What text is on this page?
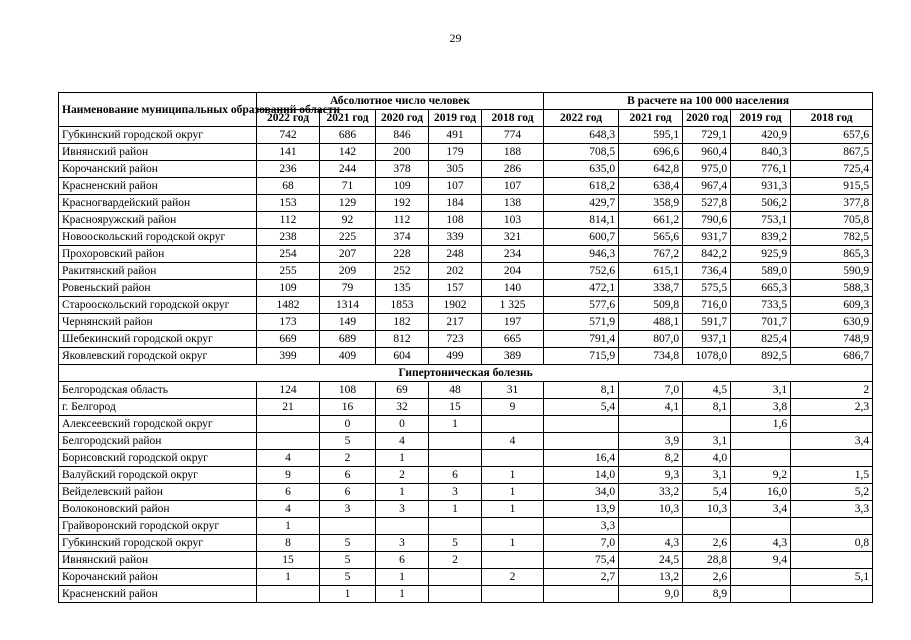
29
Наименование муниципальных образований области	Абсолютное число человек					В расчете на 100 000 населения				
	2022 год	2021 год	2020 год	2019 год	2018 год	2022 год	2021 год	2020 год	2019 год	2018 год
Губкинский городской округ	742	686	846	491	774	648,3	595,1	729,1	420,9	657,6
Ивнянский район	141	142	200	179	188	708,5	696,6	960,4	840,3	867,5
Корочанский район	236	244	378	305	286	635,0	642,8	975,0	776,1	725,4
Красненский район	68	71	109	107	107	618,2	638,4	967,4	931,3	915,5
Красногвардейский район	153	129	192	184	138	429,7	358,9	527,8	506,2	377,8
Краснояружский район	112	92	112	108	103	814,1	661,2	790,6	753,1	705,8
Новооскольский городской округ	238	225	374	339	321	600,7	565,6	931,7	839,2	782,5
Прохоровский район	254	207	228	248	234	946,3	767,2	842,2	925,9	865,3
Ракитянский район	255	209	252	202	204	752,6	615,1	736,4	589,0	590,9
Ровеньский район	109	79	135	157	140	472,1	338,7	575,5	665,3	588,3
Старооскольский городской округ	1482	1314	1853	1902	1 325	577,6	509,8	716,0	733,5	609,3
Чернянский район	173	149	182	217	197	571,9	488,1	591,7	701,7	630,9
Шебекинский городской округ	669	689	812	723	665	791,4	807,0	937,1	825,4	748,9
Яковлевский городской округ	399	409	604	499	389	715,9	734,8	1078,0	892,5	686,7
Гипертоническая болезнь										
Белгородская область	124	108	69	48	31	8,1	7,0	4,5	3,1	2
г. Белгород	21	16	32	15	9	5,4	4,1	8,1	3,8	2,3
Алексеевский городской округ		0	0	1					1,6	
Белгородский район		5	4		4		3,9	3,1		3,4
Борисовский городской округ	4	2	1			16,4	8,2	4,0		
Валуйский городской округ	9	6	2	6	1	14,0	9,3	3,1	9,2	1,5
Вейделевский район	6	6	1	3	1	34,0	33,2	5,4	16,0	5,2
Волоконовский район	4	3	3	1	1	13,9	10,3	10,3	3,4	3,3
Грайворонский городской округ	1					3,3				
Губкинский городской округ	8	5	3	5	1	7,0	4,3	2,6	4,3	0,8
Ивнянский район	15	5	6	2		75,4	24,5	28,8	9,4	
Корочанский район	1	5	1		2	2,7	13,2	2,6		5,1
Красненский район		1	1				9,0	8,9		
